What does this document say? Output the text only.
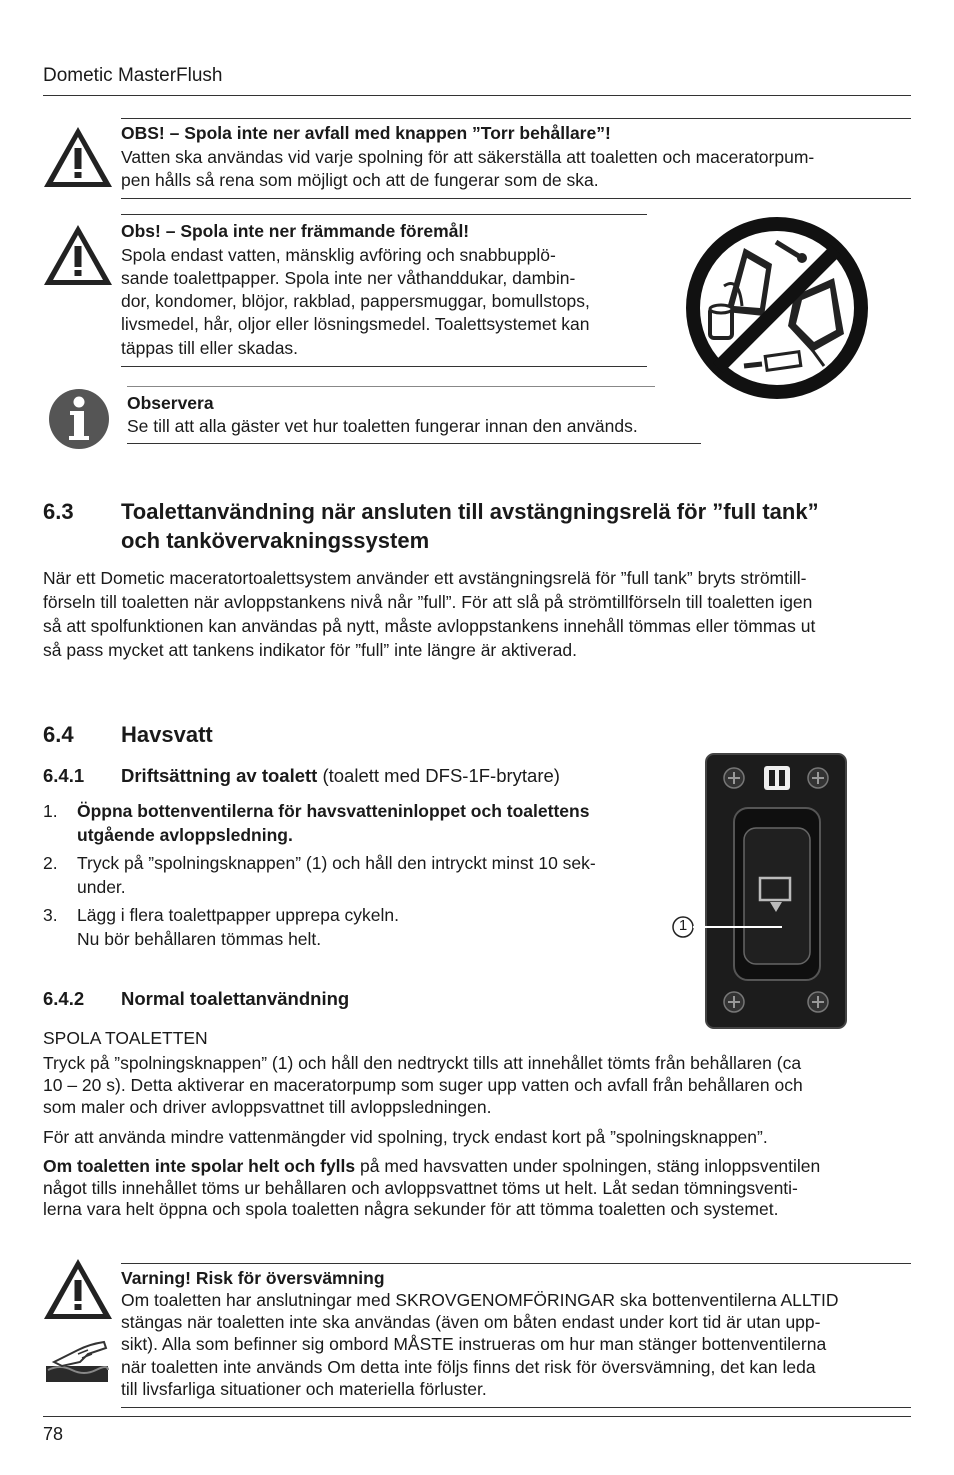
Dometic MasterFlush
OBS! – Spola inte ner avfall med knappen ”Torr behållare”!
Vatten ska användas vid varje spolning för att säkerställa att toaletten och maceratorpum-
pen hålls så rena som möjligt och att de fungerar som de ska.
Obs! – Spola inte ner främmande föremål!
Spola endast vatten, mänsklig avföring och snabbupplö-
sande toalettpapper. Spola inte ner våthanddukar, dambin-
dor, kondomer, blöjor, rakblad, pappersmuggar, bomullstops,
livsmedel, hår, oljor eller lösningsmedel. Toalettsystemet kan
täppas till eller skadas.
Observera
Se till att alla gäster vet hur toaletten fungerar innan den används.
6.3 Toalettanvändning när ansluten till avstängningsrelä för ”full tank”
och tankövervakningssystem
När ett Dometic maceratortoalettsystem använder ett avstängningsrelä för ”full tank” bryts strömtill-
förseln till toaletten när avloppstankens nivå når ”full”. För att slå på strömtillförseln till toaletten igen
så att spolfunktionen kan användas på nytt, måste avloppstankens innehåll tömmas eller tömmas ut
så pass mycket att tankens indikator för ”full” inte längre är aktiverad.
6.4 Havsvatt
6.4.1 Driftsättning av toalett (toalett med DFS-1F-brytare)
1. Öppna bottenventilerna för havsvatteninloppet och toalettens
utgående avloppsledning.
2. Tryck på ”spolningsknappen” (1) och håll den intryckt minst 10 sek-
under.
3. Lägg i flera toalettpapper upprepa cykeln.
Nu bör behållaren tömmas helt.
1
6.4.2 Normal toalettanvändning
SPOLA TOALETTEN
Tryck på ”spolningsknappen” (1) och håll den nedtryckt tills att innehållet tömts från behållaren (ca
10 – 20 s). Detta aktiverar en maceratorpump som suger upp vatten och avfall från behållaren och
som maler och driver avloppsvattnet till avloppsledningen.
För att använda mindre vattenmängder vid spolning, tryck endast kort på ”spolningsknappen”.
Om toaletten inte spolar helt och fylls på med havsvatten under spolningen, stäng inloppsventilen
något tills innehållet töms ur behållaren och avloppsvattnet töms ut helt. Låt sedan tömningsventi-
lerna vara helt öppna och spola toaletten några sekunder för att tömma toaletten och systemet.
Varning! Risk för översvämning
Om toaletten har anslutningar med SKROVGENOMFÖRINGAR ska bottenventilerna ALLTID
stängas när toaletten inte ska användas (även om båten endast under kort tid är utan upp-
sikt). Alla som befinner sig ombord MÅSTE instrueras om hur man stänger bottenventilerna
när toaletten inte används Om detta inte följs finns det risk för översvämning, det kan leda
till livsfarliga situationer och materiella förluster.
78
